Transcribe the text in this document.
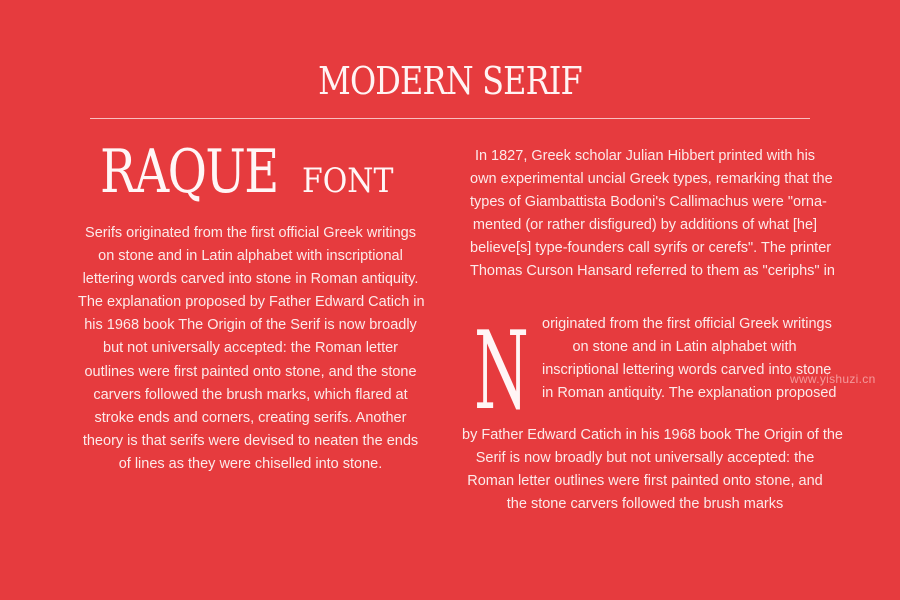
MODERN SERIF
RAQUE FONT
Serifs originated from the first official Greek writings
on stone and in Latin alphabet with inscriptional
lettering words carved into stone in Roman antiquity.
The explanation proposed by Father Edward Catich in
his 1968 book The Origin of the Serif is now broadly
but not universally accepted: the Roman letter
outlines were first painted onto stone, and the stone
carvers followed the brush marks, which flared at
stroke ends and corners, creating serifs. Another
theory is that serifs were devised to neaten the ends
of lines as they were chiselled into stone.
In 1827, Greek scholar Julian Hibbert printed with his
own experimental uncial Greek types, remarking that the
types of Giambattista Bodoni's Callimachus were "orna-
mented (or rather disfigured) by additions of what [he]
believe[s] type-founders call syrifs or cerefs". The printer
Thomas Curson Hansard referred to them as "ceriphs" in
N originated from the first official Greek writings
on stone and in Latin alphabet with
inscriptional lettering words carved into stone
in Roman antiquity. The explanation proposed
by Father Edward Catich in his 1968 book The Origin of the
Serif is now broadly but not universally accepted: the
Roman letter outlines were first painted onto stone, and
the stone carvers followed the brush marks
www.yishuzi.cn
